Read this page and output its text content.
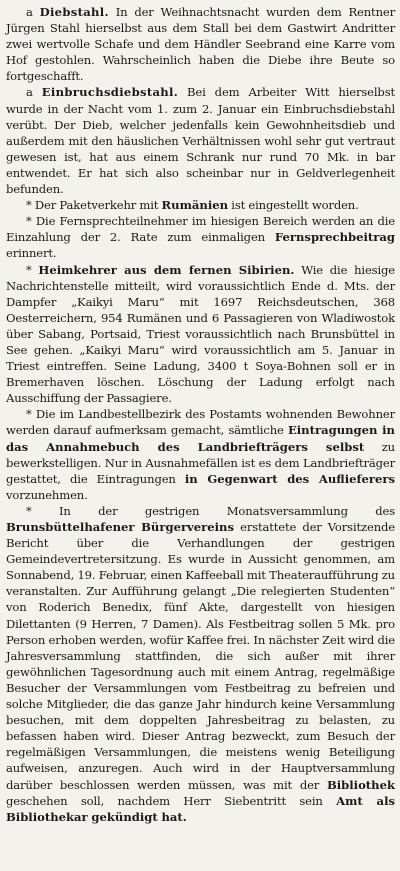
a Diebstahl. In der Weihnachtsnacht wurden dem Rentner Jürgen Stahl hierselbst aus dem Stall bei dem Gastwirt Andritter zwei wertvolle Schafe und dem Händler Seebrand eine Karre vom Hof gestohlen. Wahrscheinlich haben die Diebe ihre Beute so fortgeschafft.

a Einbruchsdiebstahl. Bei dem Arbeiter Witt hierselbst wurde in der Nacht vom 1. zum 2. Januar ein Einbruchsdiebstahl verübt. Der Dieb, welcher jedenfalls kein Gewohnheitsdieb und außerdem mit den häuslichen Verhältnissen wohl sehr gut vertraut gewesen ist, hat aus einem Schrank nur rund 70 Mk. in bar entwendet. Er hat sich also scheinbar nur in Geldverlegenheit befunden.

* Der Paketverkehr mit Rumänien ist eingestellt worden.

* Die Fernsprechteilnehmer im hiesigen Bereich werden an die Einzahlung der 2. Rate zum einmaligen Fernsprechbeitrag erinnert.

* Heimkehrer aus dem fernen Sibirien. Wie die hiesige Nachrichtenstelle mitteilt, wird voraussichtlich Ende d. Mts. der Dampfer „Kaikyi Maru“ mit 1697 Reichsdeutschen, 368 Oesterreichern, 954 Rumänen und 6 Passagieren von Wladiwostok über Sabang, Portsaid, Triest voraussichtlich nach Brunsbüttel in See gehen. „Kaikyi Maru“ wird voraussichtlich am 5. Januar in Triest eintreffen. Seine Ladung, 3400 t Soya-Bohnen soll er in Bremerhaven löschen. Löschung der Ladung erfolgt nach Ausschiffung der Passagiere.

* Die im Landbestellbezirk des Postamts wohnenden Bewohner werden darauf aufmerksam gemacht, sämtliche Eintragungen in das Annahmebuch des Landbriefträgers selbst zu bewerkstelligen. Nur in Ausnahmefällen ist es dem Landbriefträger gestattet, die Eintragungen in Gegenwart des Auflieferers vorzunehmen.

* In der gestrigen Monatsversammlung des Brunsbüttelhafener Bürgervereins erstattete der Vorsitzende Bericht über die Verhandlungen der gestrigen Gemeindevertretersitzung. Es wurde in Aussicht genommen, am Sonnabend, 19. Februar, einen Kaffeeball mit Theateraufführung zu veranstalten. Zur Aufführung gelangt „Die relegierten Studenten“ von Roderich Benedix, fünf Akte, dargestellt von hiesigen Dilettanten (9 Herren, 7 Damen). Als Festbeitrag sollen 5 Mk. pro Person erhoben werden, wofür Kaffee frei. In nächster Zeit wird die Jahresversammlung stattfinden, die sich außer mit ihrer gewöhnlichen Tagesordnung auch mit einem Antrag, regelmäßige Besucher der Versammlungen vom Festbeitrag zu befreien und solche Mitglieder, die das ganze Jahr hindurch keine Versammlung besuchen, mit dem doppelten Jahresbeitrag zu belasten, zu befassen haben wird. Dieser Antrag bezweckt, zum Besuch der regelmäßigen Versammlungen, die meistens wenig Beteiligung aufweisen, anzuregen. Auch wird in der Hauptversammlung darüber beschlossen werden müssen, was mit der Bibliothek geschehen soll, nachdem Herr Siebentritt sein Amt als Bibliothekar gekündigt hat.
